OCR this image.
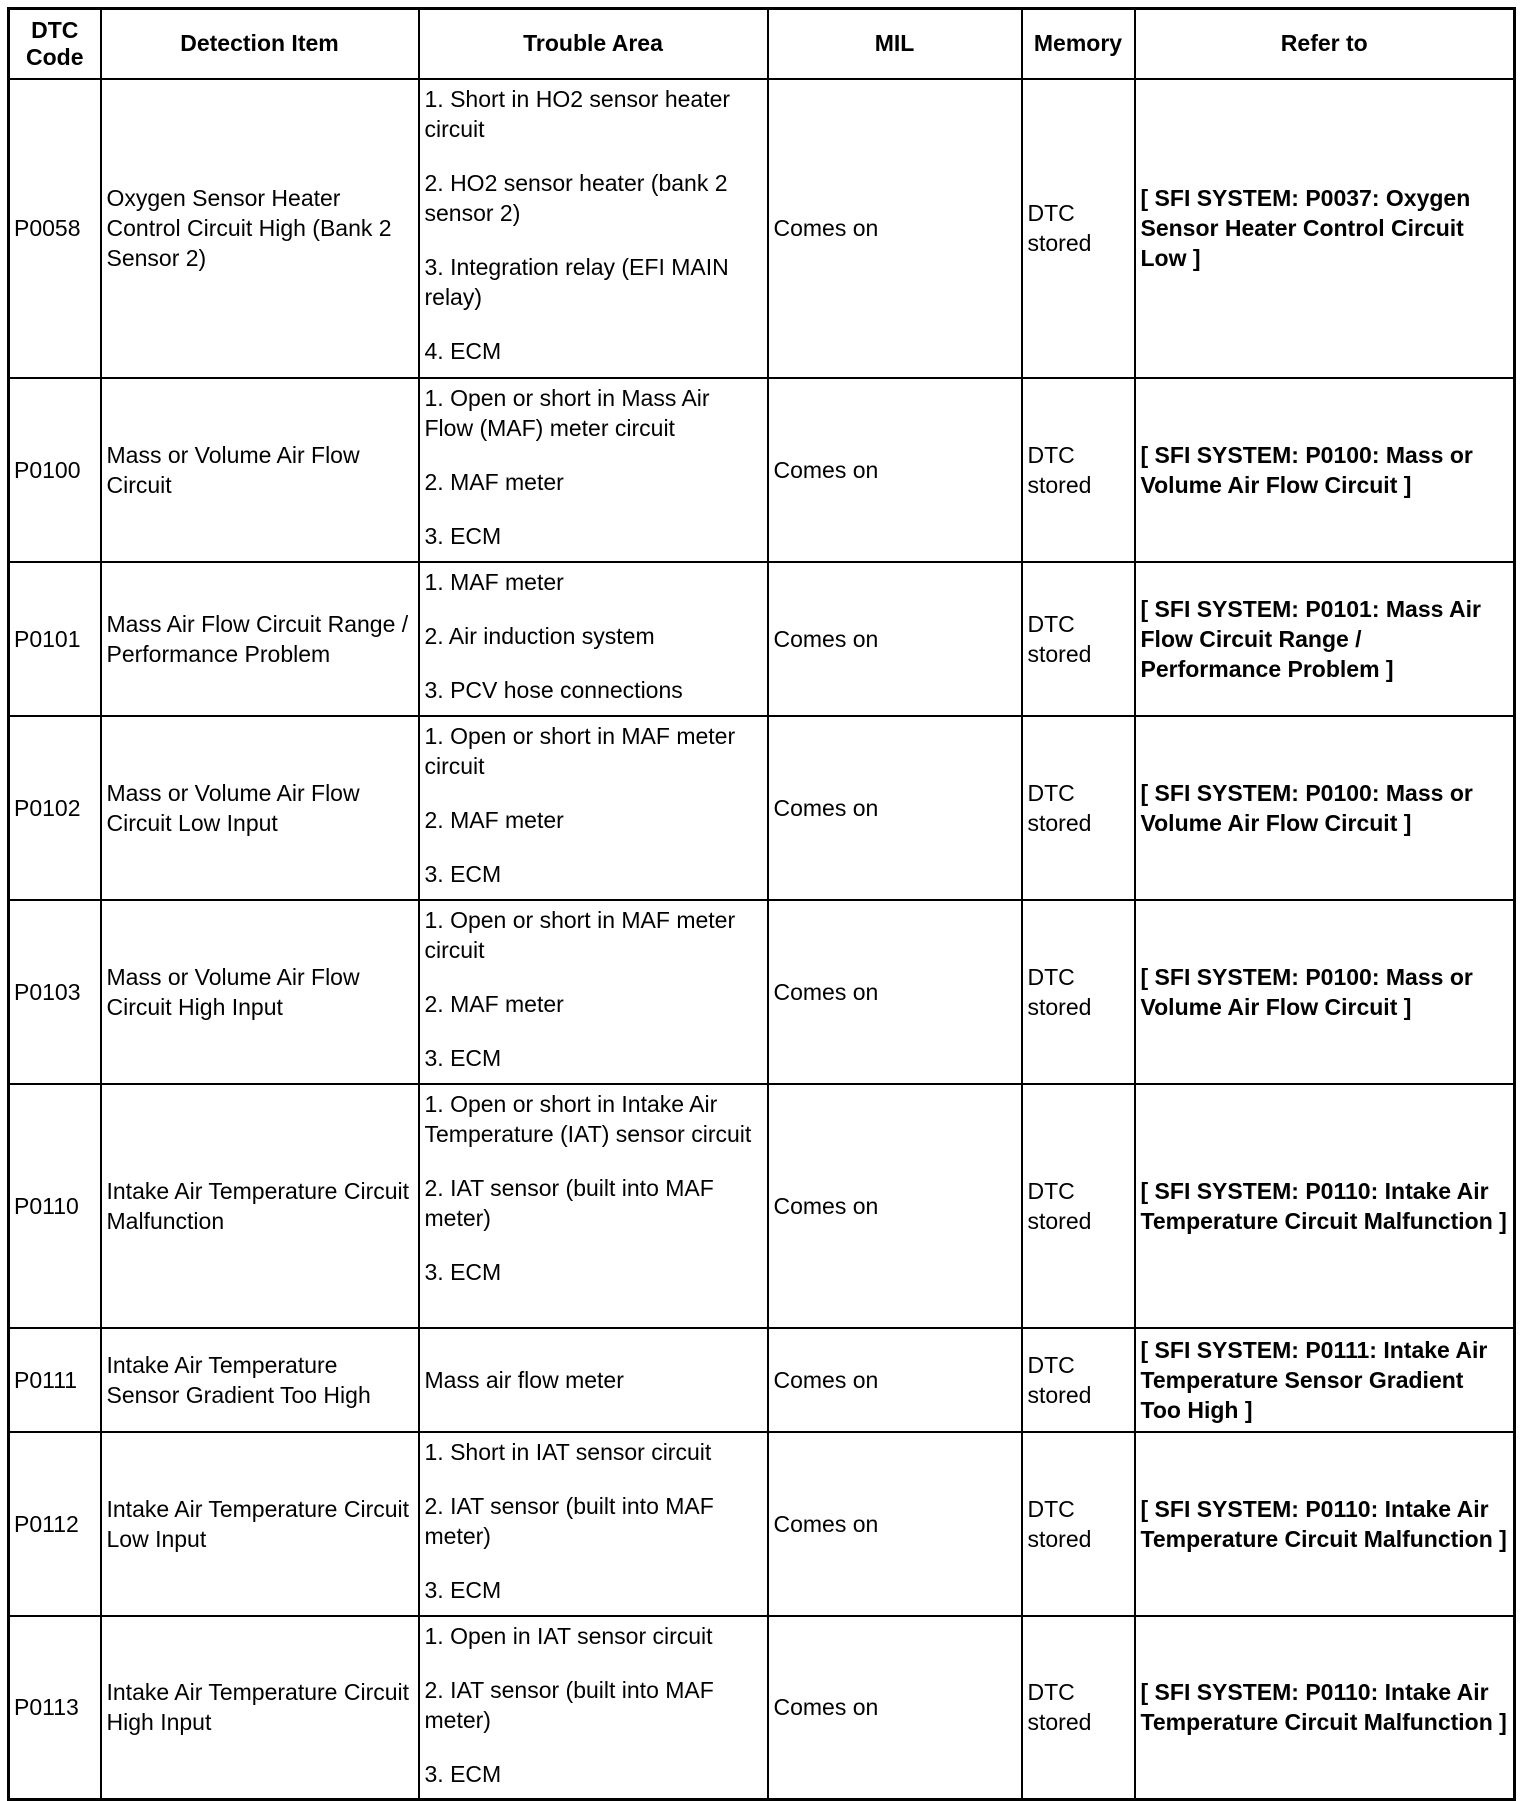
DTC Code	Detection Item	Trouble Area	MIL	Memory	Refer to
P0058	Oxygen Sensor Heater Control Circuit High (Bank 2 Sensor 2)	1. Short in HO2 sensor heater circuit
2. HO2 sensor heater (bank 2 sensor 2)
3. Integration relay (EFI MAIN relay)
4. ECM	Comes on	DTC stored	[ SFI SYSTEM: P0037: Oxygen Sensor Heater Control Circuit Low ]
P0100	Mass or Volume Air Flow Circuit	1. Open or short in Mass Air Flow (MAF) meter circuit
2. MAF meter
3. ECM	Comes on	DTC stored	[ SFI SYSTEM: P0100: Mass or Volume Air Flow Circuit ]
P0101	Mass Air Flow Circuit Range / Performance Problem	1. MAF meter
2. Air induction system
3. PCV hose connections	Comes on	DTC stored	[ SFI SYSTEM: P0101: Mass Air Flow Circuit Range / Performance Problem ]
P0102	Mass or Volume Air Flow Circuit Low Input	1. Open or short in MAF meter circuit
2. MAF meter
3. ECM	Comes on	DTC stored	[ SFI SYSTEM: P0100: Mass or Volume Air Flow Circuit ]
P0103	Mass or Volume Air Flow Circuit High Input	1. Open or short in MAF meter circuit
2. MAF meter
3. ECM	Comes on	DTC stored	[ SFI SYSTEM: P0100: Mass or Volume Air Flow Circuit ]
P0110	Intake Air Temperature Circuit Malfunction	1. Open or short in Intake Air Temperature (IAT) sensor circuit
2. IAT sensor (built into MAF meter)
3. ECM	Comes on	DTC stored	[ SFI SYSTEM: P0110: Intake Air Temperature Circuit Malfunction ]
P0111	Intake Air Temperature Sensor Gradient Too High	Mass air flow meter	Comes on	DTC stored	[ SFI SYSTEM: P0111: Intake Air Temperature Sensor Gradient Too High ]
P0112	Intake Air Temperature Circuit Low Input	1. Short in IAT sensor circuit
2. IAT sensor (built into MAF meter)
3. ECM	Comes on	DTC stored	[ SFI SYSTEM: P0110: Intake Air Temperature Circuit Malfunction ]
P0113	Intake Air Temperature Circuit High Input	1. Open in IAT sensor circuit
2. IAT sensor (built into MAF meter)
3. ECM	Comes on	DTC stored	[ SFI SYSTEM: P0110: Intake Air Temperature Circuit Malfunction ]
